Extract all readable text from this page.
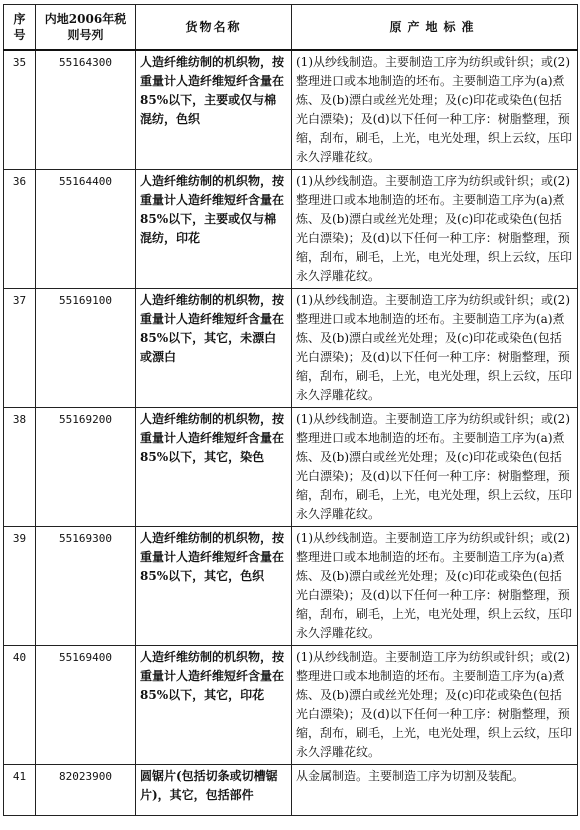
序号	内地2006年税则号列	货物名称	原产地标准
35	55164300	人造纤维纺制的机织物，按重量计人造纤维短纤含量在85%以下，主要或仅与棉混纺，色织	(1)从纱线制造。主要制造工序为纺织或针织；或(2)整理进口或本地制造的坯布。主要制造工序为(a)煮炼、及(b)漂白或丝光处理；及(c)印花或染色(包括光白漂染)；及(d)以下任何一种工序：树脂整理，预缩，刮布，刷毛，上光，电光处理，织上云纹，压印永久浮雕花纹。
36	55164400	人造纤维纺制的机织物，按重量计人造纤维短纤含量在85%以下，主要或仅与棉混纺，印花	(1)从纱线制造。主要制造工序为纺织或针织；或(2)整理进口或本地制造的坯布。主要制造工序为(a)煮炼、及(b)漂白或丝光处理；及(c)印花或染色(包括光白漂染)；及(d)以下任何一种工序：树脂整理，预缩，刮布，刷毛，上光，电光处理，织上云纹，压印永久浮雕花纹。
37	55169100	人造纤维纺制的机织物，按重量计人造纤维短纤含量在85%以下，其它，未漂白或漂白	(1)从纱线制造。主要制造工序为纺织或针织；或(2)整理进口或本地制造的坯布。主要制造工序为(a)煮炼、及(b)漂白或丝光处理；及(c)印花或染色(包括光白漂染)；及(d)以下任何一种工序：树脂整理，预缩，刮布，刷毛，上光，电光处理，织上云纹，压印永久浮雕花纹。
38	55169200	人造纤维纺制的机织物，按重量计人造纤维短纤含量在85%以下，其它，染色	(1)从纱线制造。主要制造工序为纺织或针织；或(2)整理进口或本地制造的坯布。主要制造工序为(a)煮炼、及(b)漂白或丝光处理；及(c)印花或染色(包括光白漂染)；及(d)以下任何一种工序：树脂整理，预缩，刮布，刷毛，上光，电光处理，织上云纹，压印永久浮雕花纹。
39	55169300	人造纤维纺制的机织物，按重量计人造纤维短纤含量在85%以下，其它，色织	(1)从纱线制造。主要制造工序为纺织或针织；或(2)整理进口或本地制造的坯布。主要制造工序为(a)煮炼、及(b)漂白或丝光处理；及(c)印花或染色(包括光白漂染)；及(d)以下任何一种工序：树脂整理，预缩，刮布，刷毛，上光，电光处理，织上云纹，压印永久浮雕花纹。
40	55169400	人造纤维纺制的机织物，按重量计人造纤维短纤含量在85%以下，其它，印花	(1)从纱线制造。主要制造工序为纺织或针织；或(2)整理进口或本地制造的坯布。主要制造工序为(a)煮炼、及(b)漂白或丝光处理；及(c)印花或染色(包括光白漂染)；及(d)以下任何一种工序：树脂整理，预缩，刮布，刷毛，上光，电光处理，织上云纹，压印永久浮雕花纹。
41	82023900	圆锯片(包括切条或切槽锯片)，其它，包括部件	从金属制造。主要制造工序为切割及装配。
